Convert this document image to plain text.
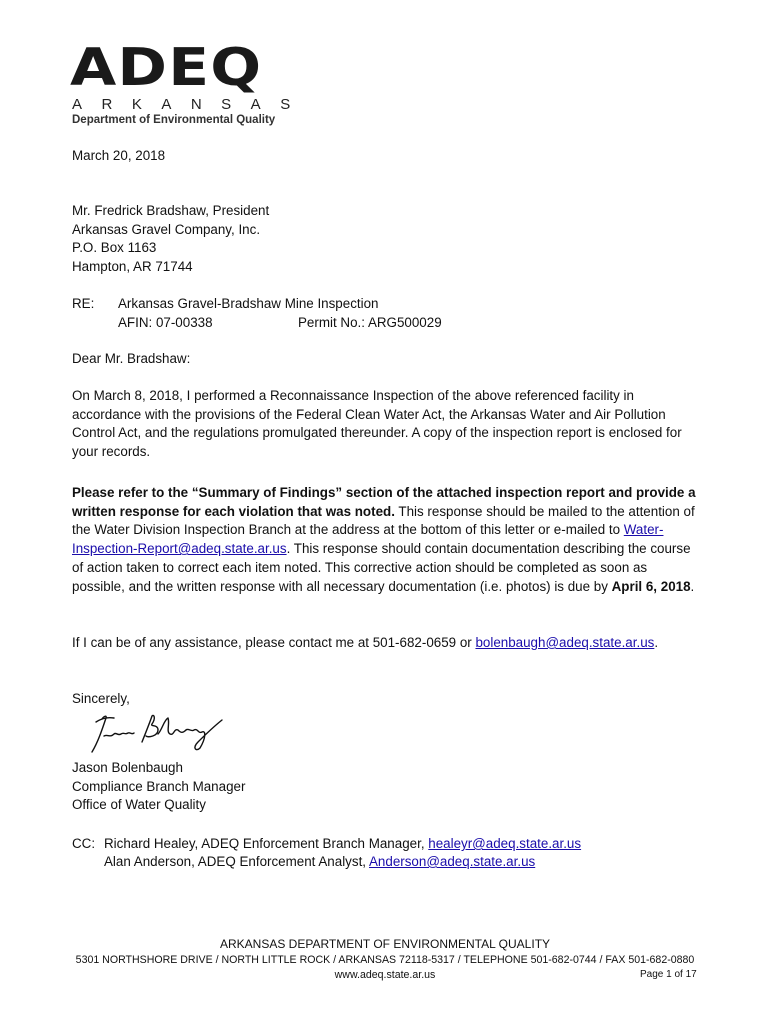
ADEQ
ARKANSAS
Department of Environmental Quality
March 20, 2018
Mr. Fredrick Bradshaw, President
Arkansas Gravel Company, Inc.
P.O. Box 1163
Hampton, AR 71744
RE: Arkansas Gravel-Bradshaw Mine Inspection
AFIN: 07-00338	Permit No.: ARG500029
Dear Mr. Bradshaw:
On March 8, 2018, I performed a Reconnaissance Inspection of the above referenced facility in accordance with the provisions of the Federal Clean Water Act, the Arkansas Water and Air Pollution Control Act, and the regulations promulgated thereunder. A copy of the inspection report is enclosed for your records.
Please refer to the “Summary of Findings” section of the attached inspection report and provide a written response for each violation that was noted. This response should be mailed to the attention of the Water Division Inspection Branch at the address at the bottom of this letter or e-mailed to Water-Inspection-Report@adeq.state.ar.us. This response should contain documentation describing the course of action taken to correct each item noted. This corrective action should be completed as soon as possible, and the written response with all necessary documentation (i.e. photos) is due by April 6, 2018.
If I can be of any assistance, please contact me at 501-682-0659 or bolenbaugh@adeq.state.ar.us.
Sincerely,
Jason Bolenbaugh
Compliance Branch Manager
Office of Water Quality
CC: Richard Healey, ADEQ Enforcement Branch Manager, healeyr@adeq.state.ar.us
Alan Anderson, ADEQ Enforcement Analyst, Anderson@adeq.state.ar.us
ARKANSAS DEPARTMENT OF ENVIRONMENTAL QUALITY
5301 NORTHSHORE DRIVE / NORTH LITTLE ROCK / ARKANSAS 72118-5317 / TELEPHONE 501-682-0744 / FAX 501-682-0880
www.adeq.state.ar.us	Page 1 of 17
